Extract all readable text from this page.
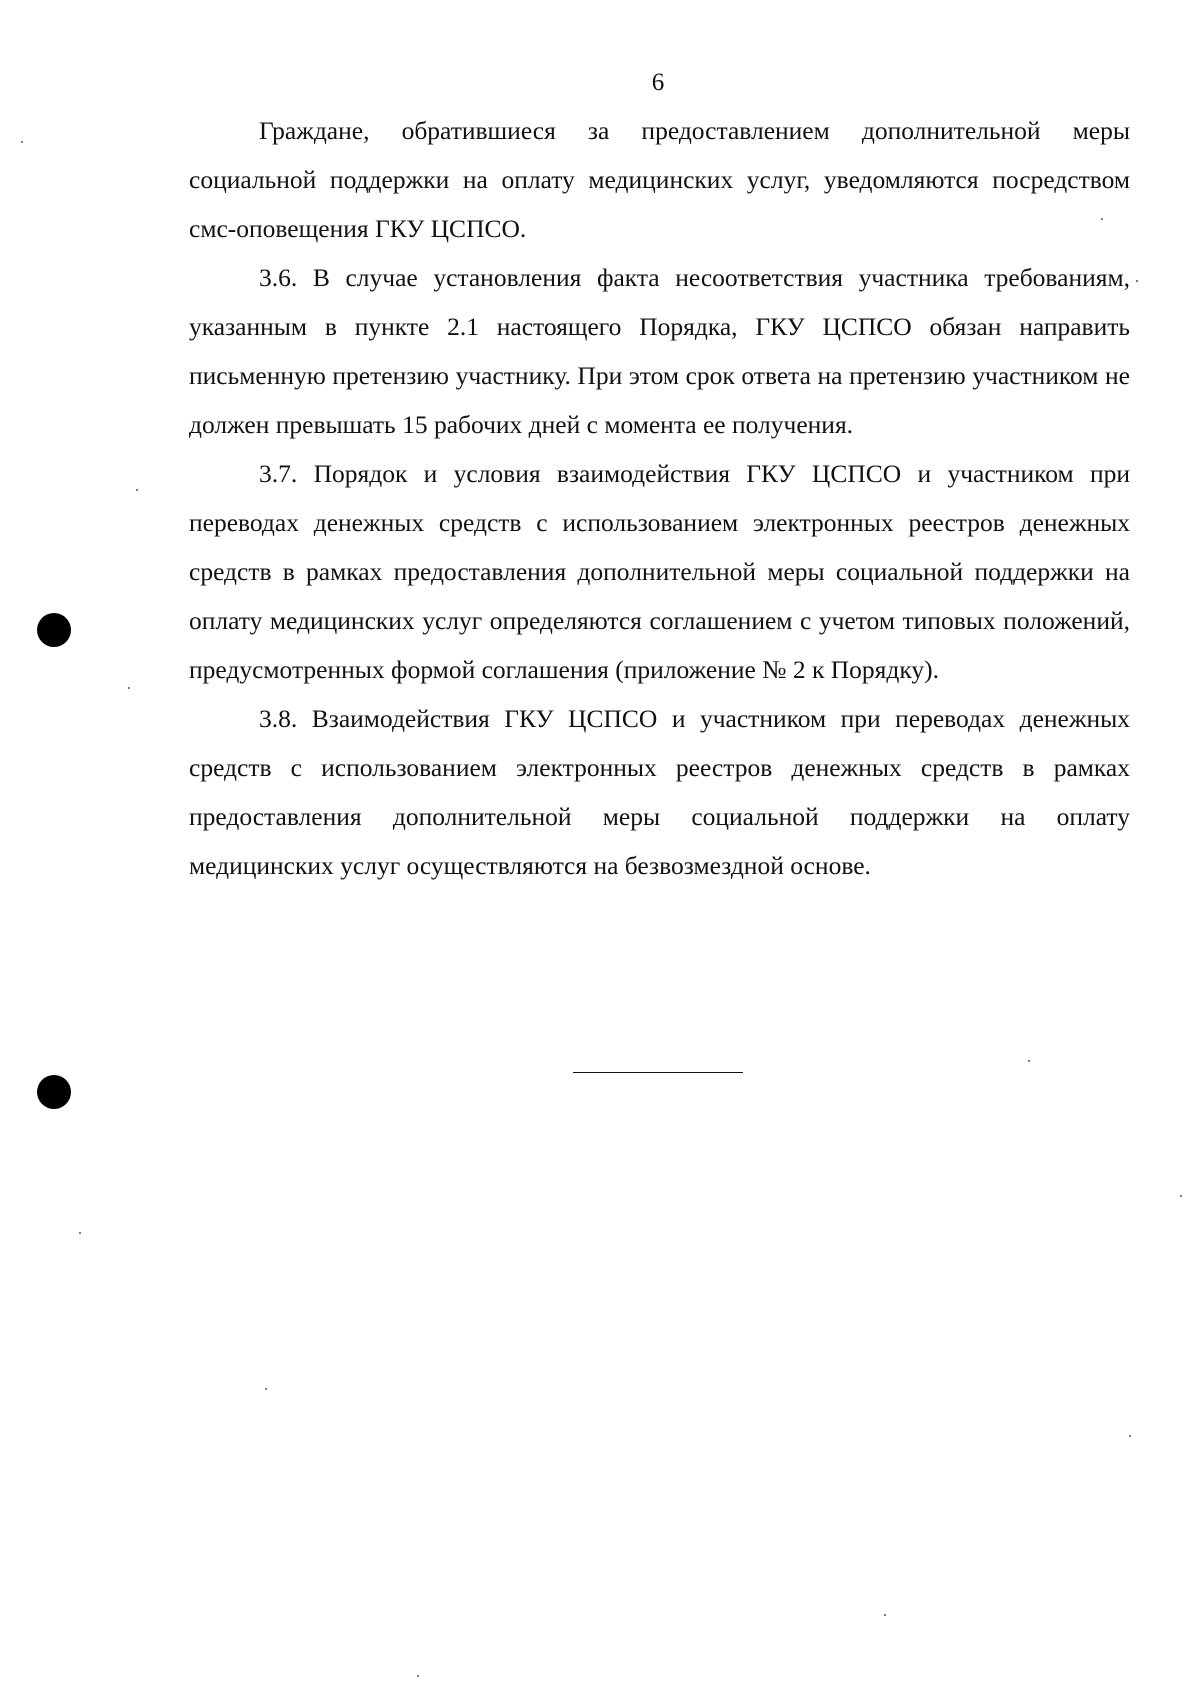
6

Граждане, обратившиеся за предоставлением дополнительной меры социальной поддержки на оплату медицинских услуг, уведомляются посредством смс-оповещения ГКУ ЦСПСО.

3.6. В случае установления факта несоответствия участника требованиям, указанным в пункте 2.1 настоящего Порядка, ГКУ ЦСПСО обязан направить письменную претензию участнику. При этом срок ответа на претензию участником не должен превышать 15 рабочих дней с момента ее получения.

3.7. Порядок и условия взаимодействия ГКУ ЦСПСО и участником при переводах денежных средств с использованием электронных реестров денежных средств в рамках предоставления дополнительной меры социальной поддержки на оплату медицинских услуг определяются соглашением с учетом типовых положений, предусмотренных формой соглашения (приложение № 2 к Порядку).

3.8. Взаимодействия ГКУ ЦСПСО и участником при переводах денежных средств с использованием электронных реестров денежных средств в рамках предоставления дополнительной меры социальной поддержки на оплату медицинских услуг осуществляются на безвозмездной основе.
